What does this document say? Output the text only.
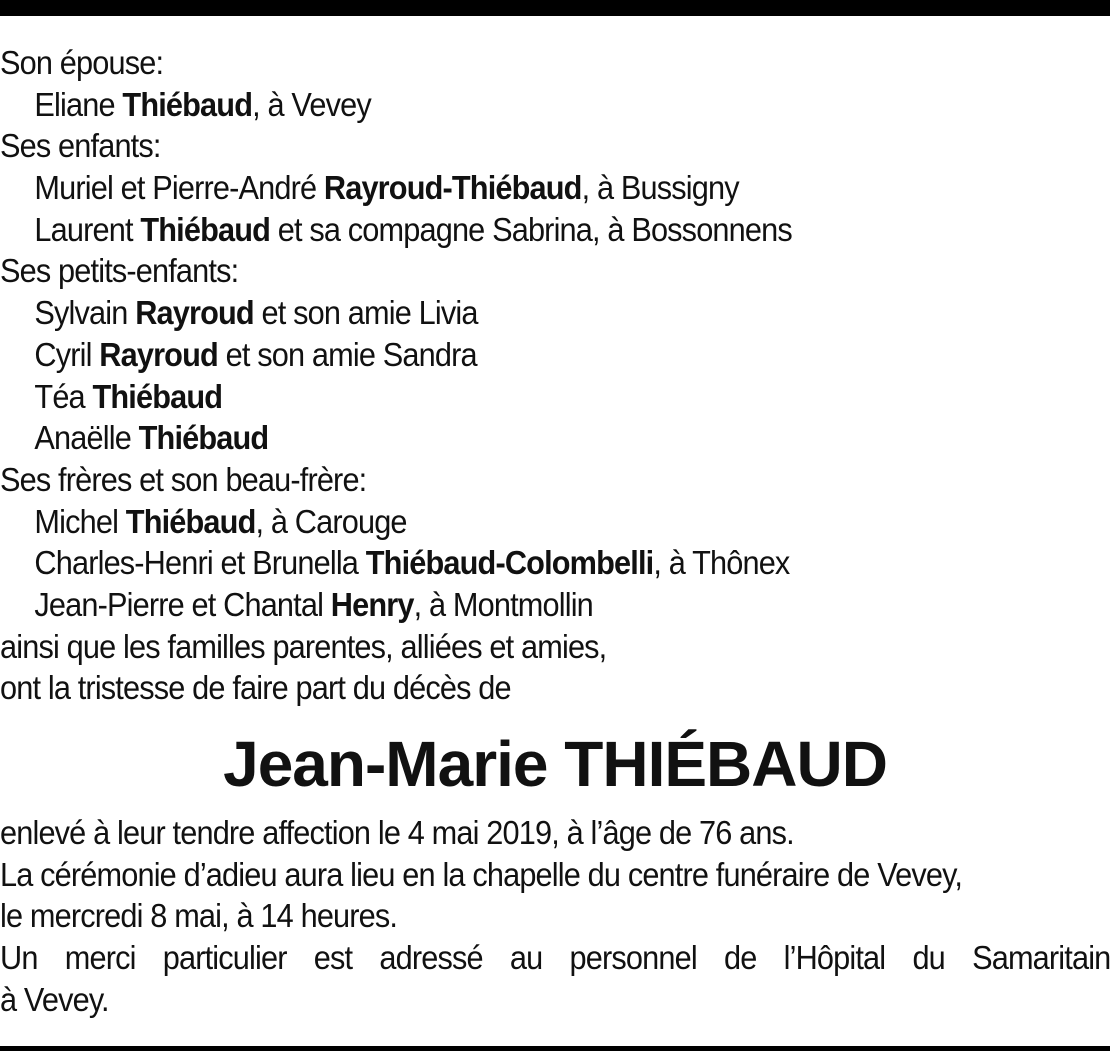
Son épouse:
Eliane Thiébaud, à Vevey
Ses enfants:
Muriel et Pierre-André Rayroud-Thiébaud, à Bussigny
Laurent Thiébaud et sa compagne Sabrina, à Bossonnens
Ses petits-enfants:
Sylvain Rayroud et son amie Livia
Cyril Rayroud et son amie Sandra
Téa Thiébaud
Anaëlle Thiébaud
Ses frères et son beau-frère:
Michel Thiébaud, à Carouge
Charles-Henri et Brunella Thiébaud-Colombelli, à Thônex
Jean-Pierre et Chantal Henry, à Montmollin
ainsi que les familles parentes, alliées et amies,
ont la tristesse de faire part du décès de
Jean-Marie THIÉBAUD
enlevé à leur tendre affection le 4 mai 2019, à l’âge de 76 ans.
La cérémonie d’adieu aura lieu en la chapelle du centre funéraire de Vevey,
le mercredi 8 mai, à 14 heures.
Un merci particulier est adressé au personnel de l’Hôpital du Samaritain
à Vevey.
